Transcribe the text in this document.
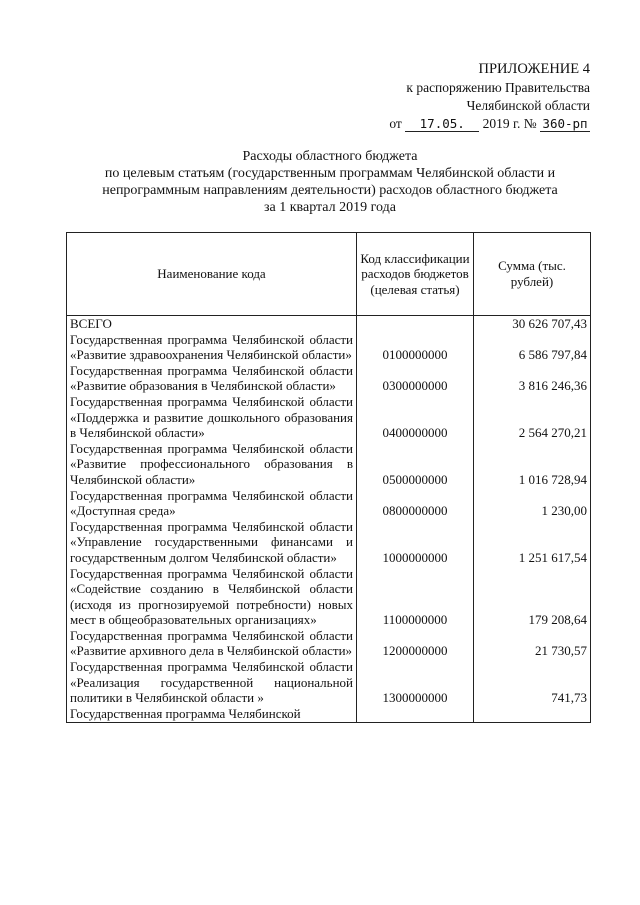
ПРИЛОЖЕНИЕ 4
к распоряжению Правительства
Челябинской области
от 17.05. 2019 г. № 360-рп
Расходы областного бюджета
по целевым статьям (государственным программам Челябинской области и
непрограммным направлениям деятельности) расходов областного бюджета
за 1 квартал 2019 года
Наименование кода	Код классификации расходов бюджетов (целевая статья)	Сумма (тыс. рублей)
ВСЕГО		30 626 707,43
Государственная программа Челябинской области «Развитие здравоохранения Челябинской области»	0100000000	6 586 797,84
Государственная программа Челябинской области «Развитие образования в Челябинской области»	0300000000	3 816 246,36
Государственная программа Челябинской области «Поддержка и развитие дошкольного образования в Челябинской области»	0400000000	2 564 270,21
Государственная программа Челябинской области «Развитие профессионального образования в Челябинской области»	0500000000	1 016 728,94
Государственная программа Челябинской области «Доступная среда»	0800000000	1 230,00
Государственная программа Челябинской области «Управление государственными финансами и государственным долгом Челябинской области»	1000000000	1 251 617,54
Государственная программа Челябинской области «Содействие созданию в Челябинской области (исходя из прогнозируемой потребности) новых мест в общеобразовательных организациях»	1100000000	179 208,64
Государственная программа Челябинской области «Развитие архивного дела в Челябинской области»	1200000000	21 730,57
Государственная программа Челябинской области «Реализация государственной национальной политики в Челябинской области »	1300000000	741,73
Государственная программа Челябинской		
